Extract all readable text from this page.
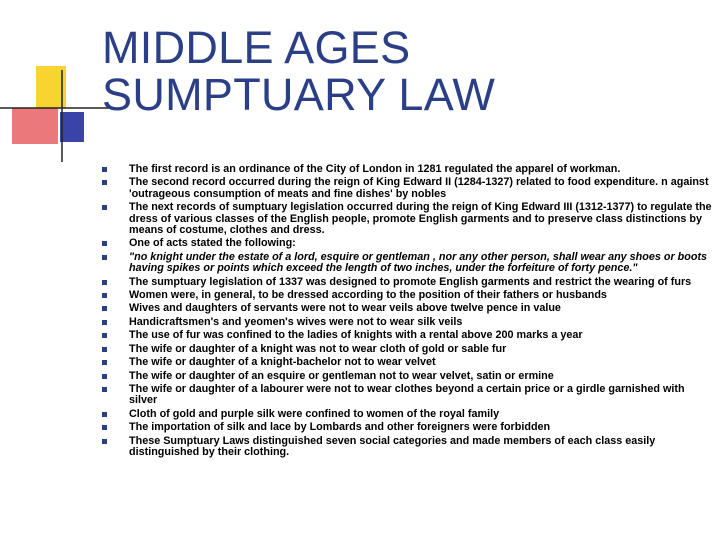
MIDDLE AGES SUMPTUARY LAW
The first record is an ordinance of the City of London in 1281 regulated the apparel of workman.
The second record occurred during the reign of King Edward II (1284-1327) related to food expenditure. n against 'outrageous consumption of meats and fine dishes' by nobles
The next records of sumptuary legislation occurred during the reign of King Edward III (1312-1377) to regulate the dress of various classes of the English people, promote English garments and to preserve class distinctions by means of costume, clothes and dress.
One of acts stated the following:
"no knight under the estate of a lord, esquire or gentleman , nor any other person, shall wear any shoes or boots having spikes or points which exceed the length of two inches, under the forfeiture of forty pence."
The sumptuary legislation of 1337 was designed to promote English garments and restrict the wearing of furs
Women were, in general, to be dressed according to the position of their fathers or husbands
Wives and daughters of servants were not to wear veils above twelve pence in value
Handicraftsmen's and yeomen's wives were not to wear silk veils
The use of fur was confined to the ladies of knights with a rental above 200 marks a year
The wife or daughter of a knight was not to wear cloth of gold or sable fur
The wife or daughter of a knight-bachelor not to wear velvet
The wife or daughter of an esquire or gentleman not to wear velvet, satin or ermine
The wife or daughter of a labourer were not to wear clothes beyond a certain price or a girdle garnished with silver
Cloth of gold and purple silk were confined to women of the royal family
The importation of silk and lace by Lombards and other foreigners were forbidden
These Sumptuary Laws distinguished seven social categories and made members of each class easily distinguished by their clothing.
